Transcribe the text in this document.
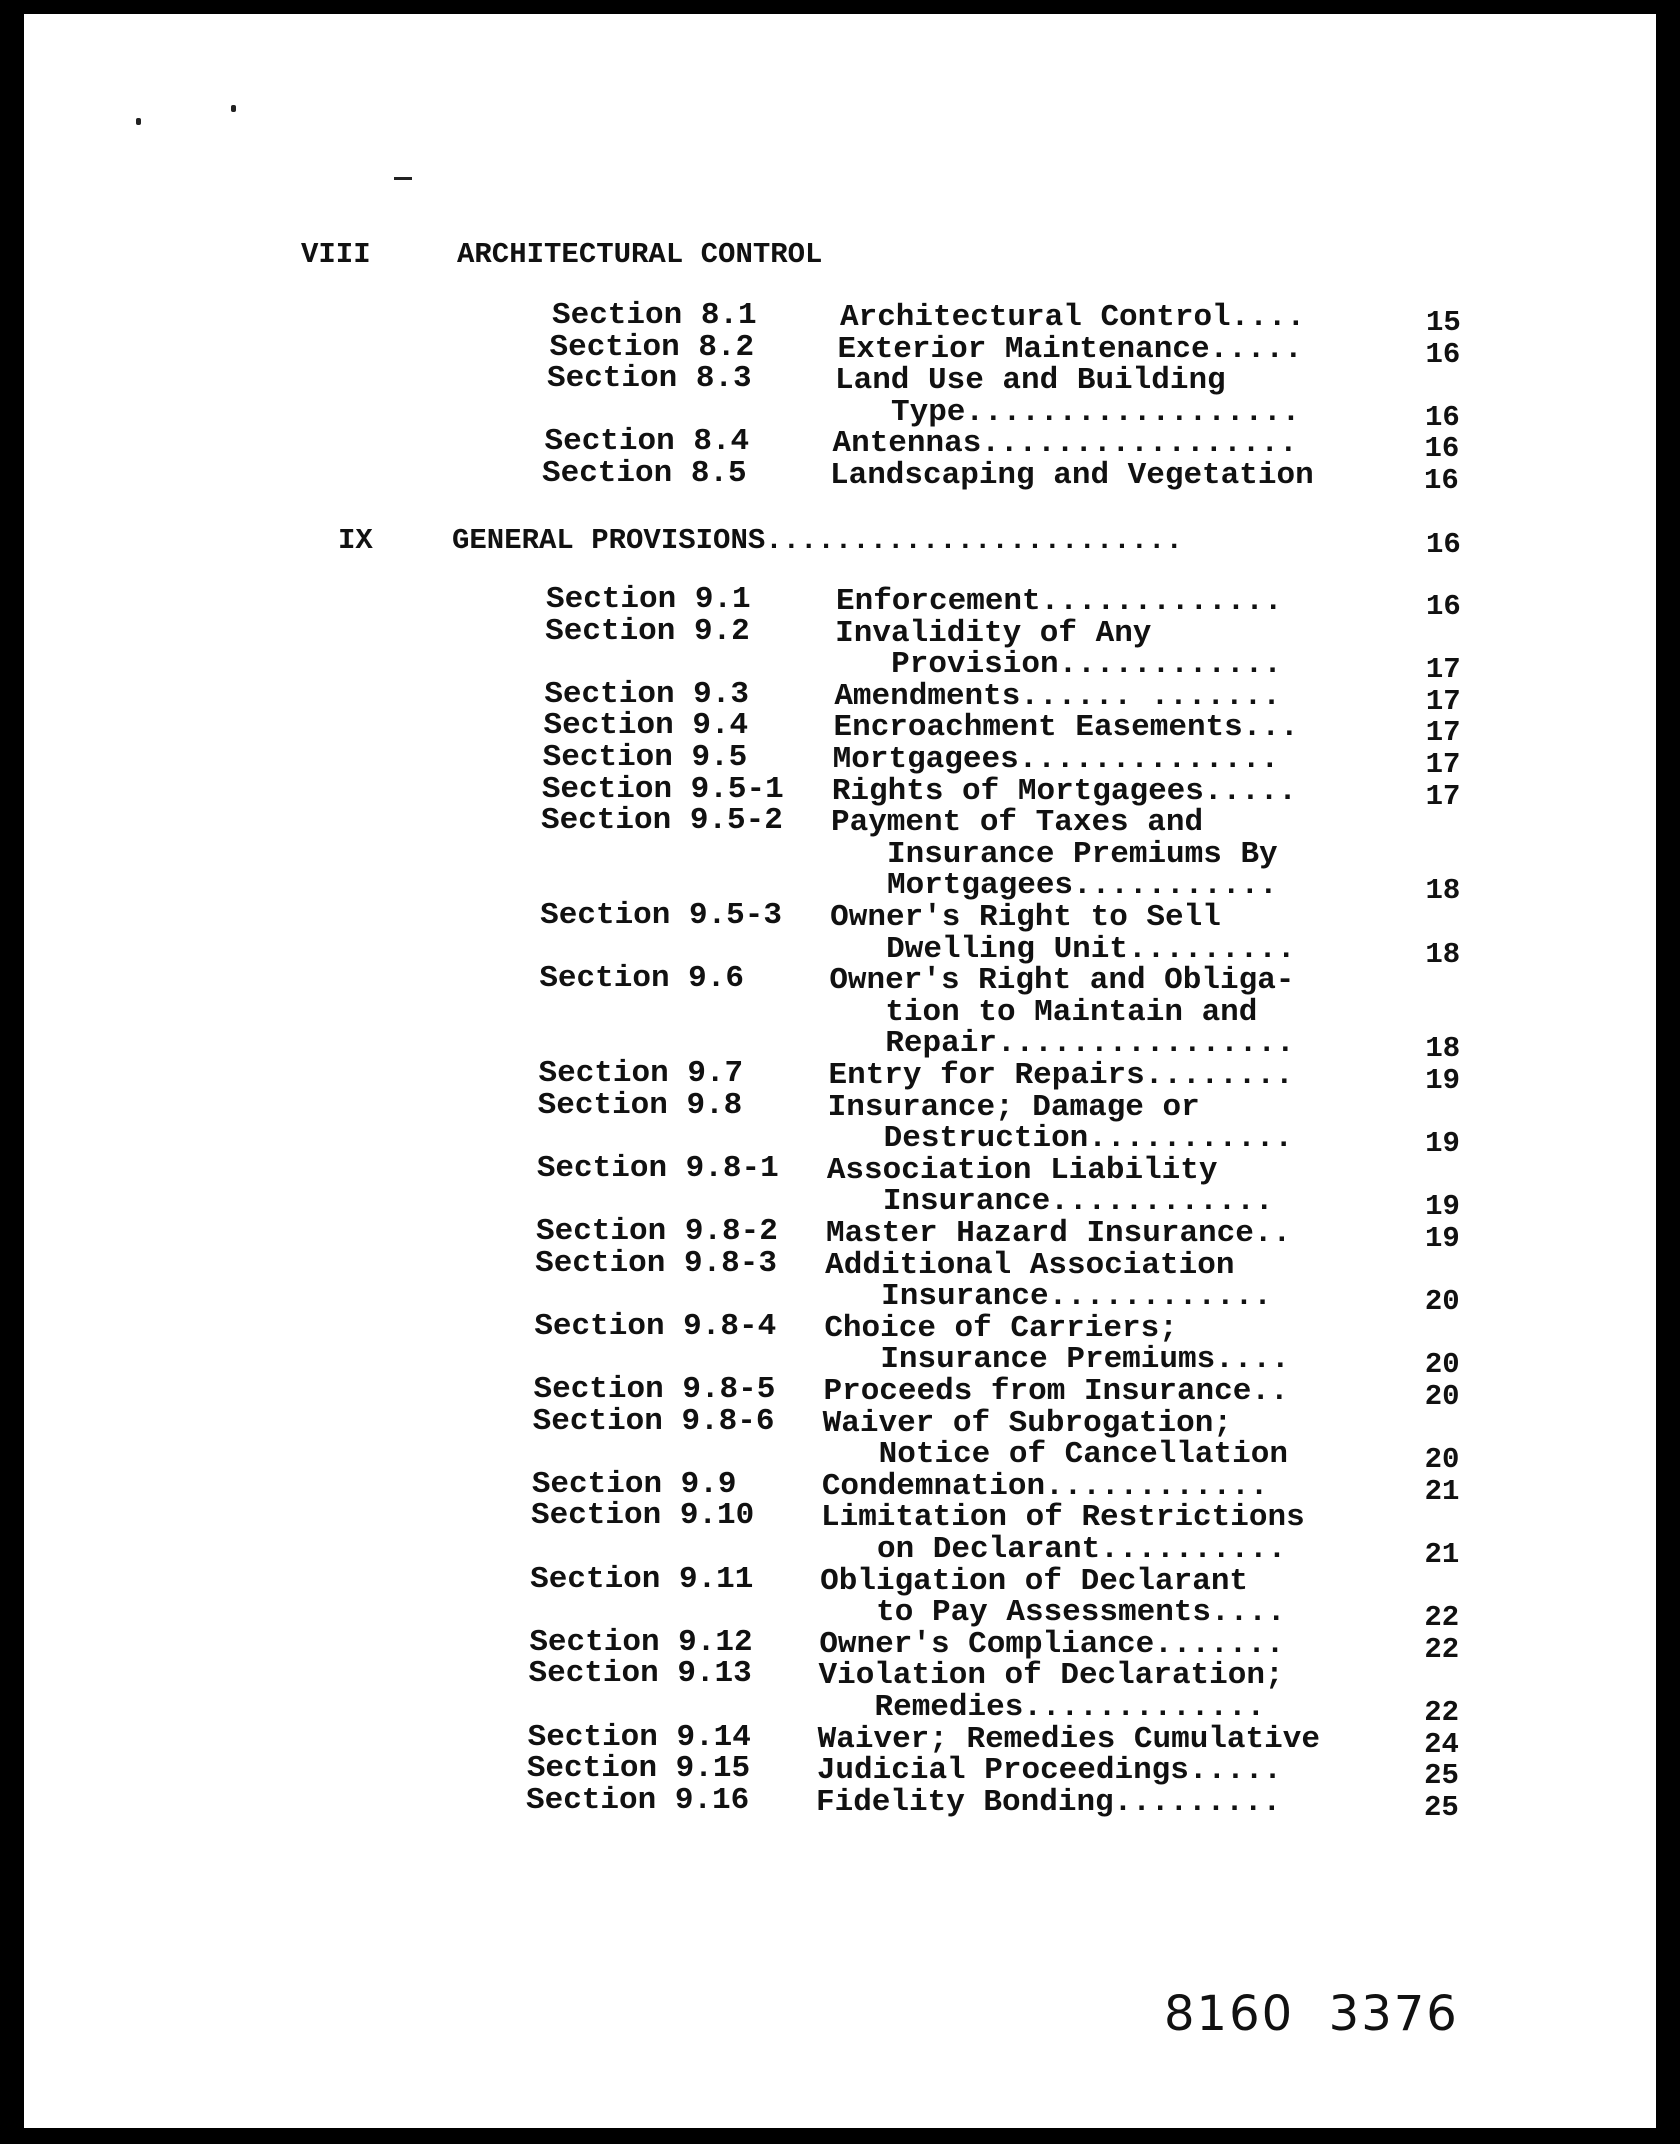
VIII	ARCHITECTURAL CONTROL
Section 8.1	Architectural Control....	15
Section 8.2	Exterior Maintenance.....	16
Section 8.3	Land Use and Building
Type..................	16
Section 8.4	Antennas.................	16
Section 8.5	Landscaping and Vegetation	16
IX	GENERAL PROVISIONS ........................	16
Section 9.1	Enforcement.............	16
Section 9.2	Invalidity of Any
Provision............	17
Section 9.3	Amendments...... .......	17
Section 9.4	Encroachment Easements...	17
Section 9.5	Mortgagees..............	17
Section 9.5-1 Rights of Mortgagees.....	17
Section 9.5-2 Payment of Taxes and
Insurance Premiums By
Mortgagees...........	18
Section 9.5-3 Owner's Right to Sell
Dwelling Unit.........	18
Section 9.6	Owner's Right and Obliga-
tion to Maintain and
Repair................	18
Section 9.7	Entry for Repairs........	19
Section 9.8	Insurance; Damage or
Destruction...........	19
Section 9.8-1 Association Liability
Insurance............	19
Section 9.8-2 Master Hazard Insurance..	19
Section 9.8-3 Additional Association
Insurance............	20
Section 9.8-4 Choice of Carriers;
Insurance Premiums....	20
Section 9.8-5 Proceeds from Insurance..	20
Section 9.8-6 Waiver of Subrogation;
Notice of Cancellation	20
Section 9.9	Condemnation............	21
Section 9.10 Limitation of Restrictions
on Declarant..........	21
Section 9.11 Obligation of Declarant
to Pay Assessments....	22
Section 9.12 Owner's Compliance.......	22
Section 9.13 Violation of Declaration;
Remedies.............	22
Section 9.14 Waiver; Remedies Cumulative	24
Section 9.15 Judicial Proceedings.....	25
Section 9.16 Fidelity Bonding.........	25
8160  3376
